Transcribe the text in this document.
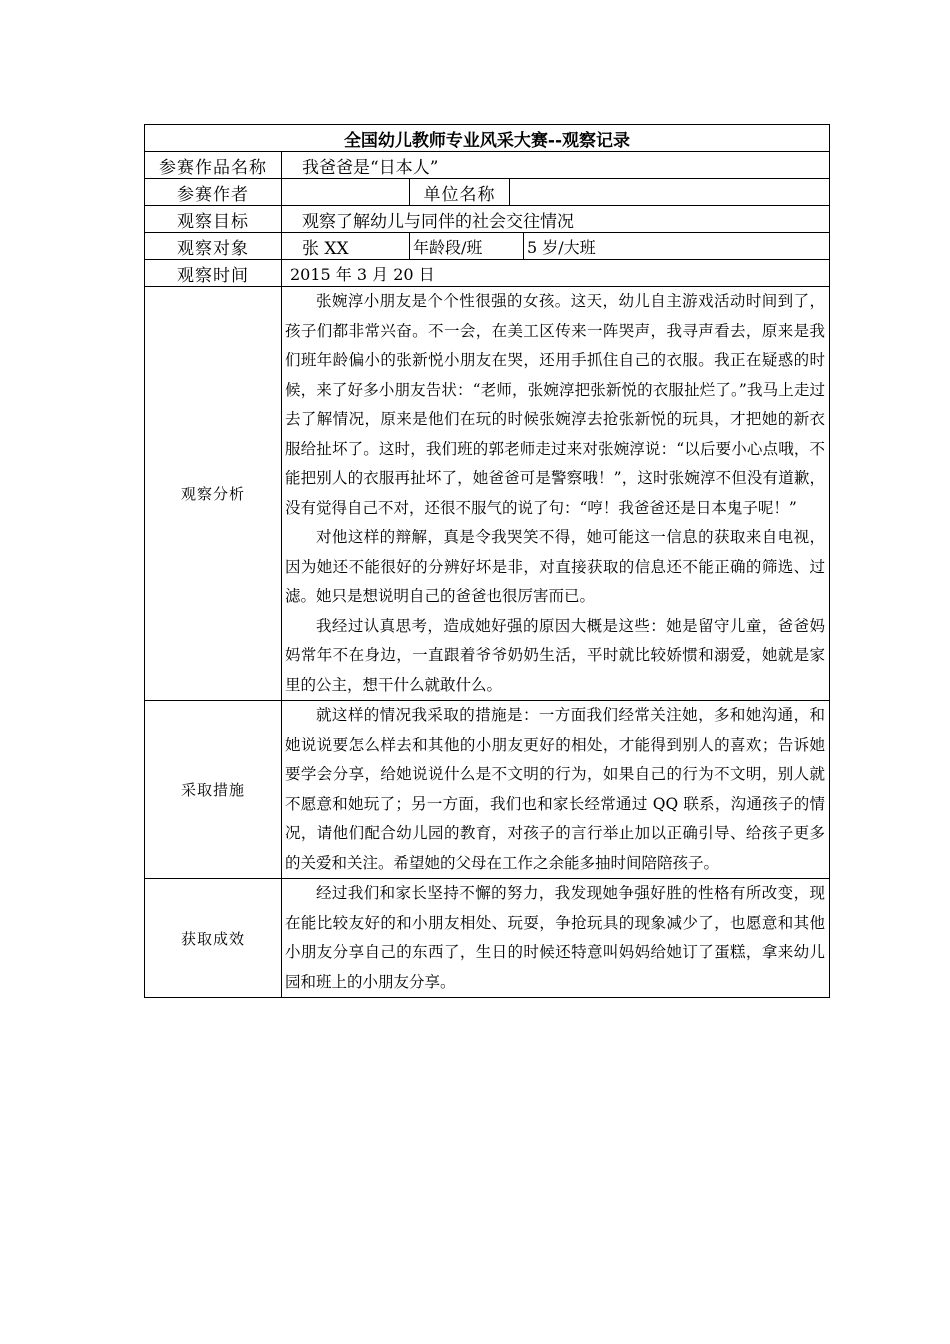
全国幼儿教师专业风采大赛--观察记录				
参赛作品名称	我爸爸是“日本人”			
参赛作者		单位名称		
观察目标	观察了解幼儿与同伴的社会交往情况			
观察对象	张 XX	年龄段/班		5 岁/大班
观察时间	2015 年 3 月 20 日			
观察分析	张婉淳小朋友是个个性很强的女孩。这天，幼儿自主游戏活动时间到了，孩子们都非常兴奋。不一会，在美工区传来一阵哭声，我寻声看去，原来是我们班年龄偏小的张新悦小朋友在哭，还用手抓住自己的衣服。我正在疑惑的时候，来了好多小朋友告状：“老师，张婉淳把张新悦的衣服扯烂了。”我马上走过去了解情况，原来是他们在玩的时候张婉淳去抢张新悦的玩具，才把她的新衣服给扯坏了。这时，我们班的郭老师走过来对张婉淳说：“以后要小心点哦，不能把别人的衣服再扯坏了，她爸爸可是警察哦！”，这时张婉淳不但没有道歉，没有觉得自己不对，还很不服气的说了句：“哼！我爸爸还是日本鬼子呢！”

对他这样的辩解，真是令我哭笑不得，她可能这一信息的获取来自电视，因为她还不能很好的分辨好坏是非，对直接获取的信息还不能正确的筛选、过滤。她只是想说明自己的爸爸也很厉害而已。

我经过认真思考，造成她好强的原因大概是这些：她是留守儿童，爸爸妈妈常年不在身边，一直跟着爷爷奶奶生活，平时就比较娇惯和溺爱，她就是家里的公主，想干什么就敢什么。			

采取措施	就这样的情况我采取的措施是：一方面我们经常关注她，多和她沟通，和她说说要怎么样去和其他的小朋友更好的相处，才能得到别人的喜欢；告诉她要学会分享，给她说说什么是不文明的行为，如果自己的行为不文明，别人就不愿意和她玩了；另一方面，我们也和家长经常通过 QQ 联系，沟通孩子的情况，请他们配合幼儿园的教育，对孩子的言行举止加以正确引导、给孩子更多的关爱和关注。希望她的父母在工作之余能多抽时间陪陪孩子。			

获取成效	经过我们和家长坚持不懈的努力，我发现她争强好胜的性格有所改变，现在能比较友好的和小朋友相处、玩耍，争抢玩具的现象减少了，也愿意和其他小朋友分享自己的东西了，生日的时候还特意叫妈妈给她订了蛋糕，拿来幼儿园和班上的小朋友分享。			
